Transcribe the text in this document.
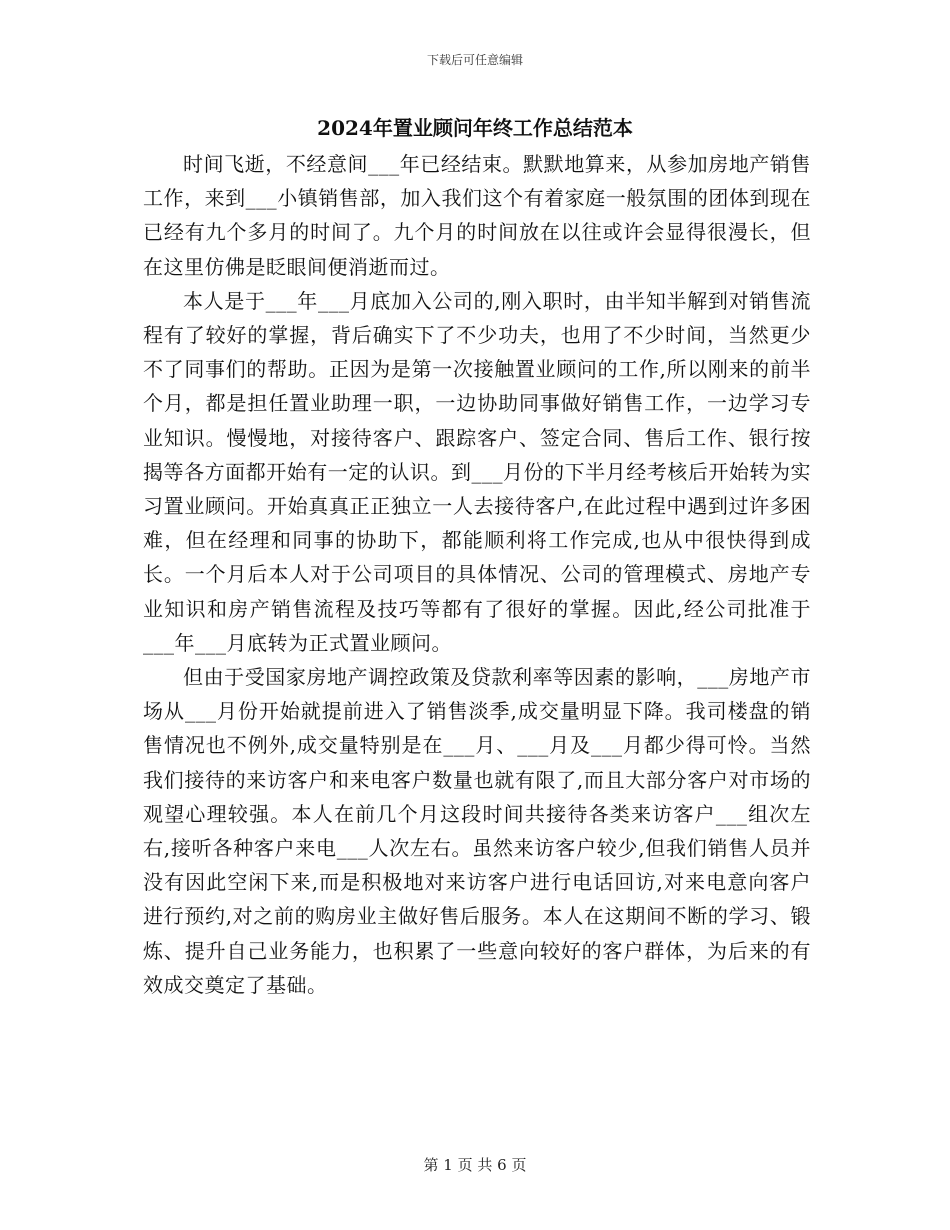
下载后可任意编辑
2024年置业顾问年终工作总结范本

时间飞逝，不经意间___年已经结束。默默地算来，从参加房地产销售工作，来到___小镇销售部，加入我们这个有着家庭一般氛围的团体到现在已经有九个多月的时间了。九个月的时间放在以往或许会显得很漫长，但在这里仿佛是眨眼间便消逝而过。

本人是于___年___月底加入公司的,刚入职时，由半知半解到对销售流程有了较好的掌握，背后确实下了不少功夫，也用了不少时间，当然更少不了同事们的帮助。正因为是第一次接触置业顾问的工作,所以刚来的前半个月，都是担任置业助理一职，一边协助同事做好销售工作，一边学习专业知识。慢慢地，对接待客户、跟踪客户、签定合同、售后工作、银行按揭等各方面都开始有一定的认识。到___月份的下半月经考核后开始转为实习置业顾问。开始真真正正独立一人去接待客户,在此过程中遇到过许多困难，但在经理和同事的协助下，都能顺利将工作完成,也从中很快得到成长。一个月后本人对于公司项目的具体情况、公司的管理模式、房地产专业知识和房产销售流程及技巧等都有了很好的掌握。因此,经公司批准于___年___月底转为正式置业顾问。

但由于受国家房地产调控政策及贷款利率等因素的影响，___房地产市场从___月份开始就提前进入了销售淡季,成交量明显下降。我司楼盘的销售情况也不例外,成交量特别是在___月、___月及___月都少得可怜。当然我们接待的来访客户和来电客户数量也就有限了,而且大部分客户对市场的观望心理较强。本人在前几个月这段时间共接待各类来访客户___组次左右,接听各种客户来电___人次左右。虽然来访客户较少,但我们销售人员并没有因此空闲下来,而是积极地对来访客户进行电话回访,对来电意向客户进行预约,对之前的购房业主做好售后服务。本人在这期间不断的学习、锻炼、提升自己业务能力，也积累了一些意向较好的客户群体，为后来的有效成交奠定了基础。

第 1 页 共 6 页
